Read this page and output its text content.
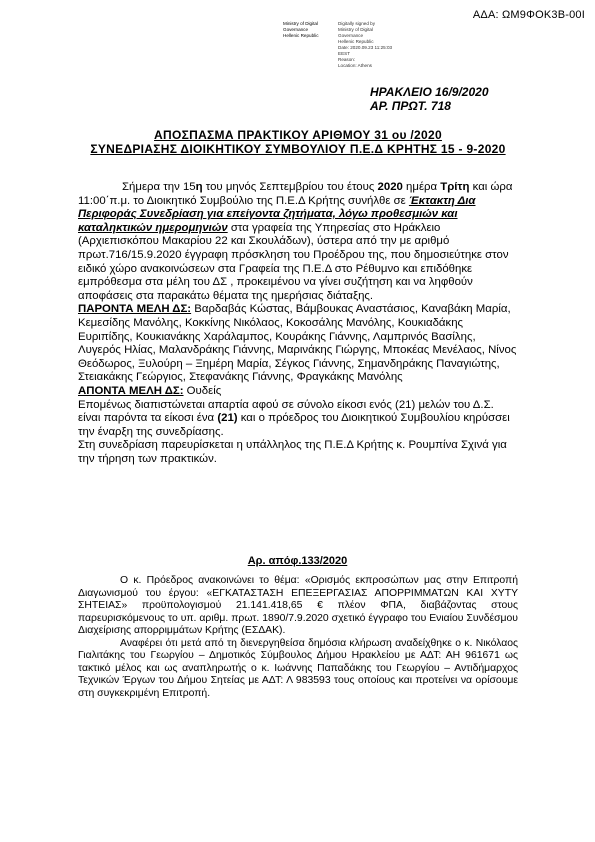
ΑΔΑ: ΩΜ9ΦΟΚ3Β-00Ι
Ministry of Digital
Governance
Hellenic Republic
Digitally signed by
Ministry of Digital
Governance
Hellenic Republic
Date: 2020.09.23 11:25:03
EEST
Reason:
Location: Athens
ΗΡΑΚΛΕΙΟ 16/9/2020
ΑΡ. ΠΡΩΤ. 718
ΑΠΟΣΠΑΣΜΑ ΠΡΑΚΤΙΚΟΥ ΑΡΙΘΜΟΥ 31 ου /2020
ΣΥΝΕΔΡΙΑΣΗΣ ΔΙΟΙΚΗΤΙΚΟΥ ΣΥΜΒΟΥΛΙΟΥ Π.Ε.Δ ΚΡΗΤΗΣ 15 - 9-2020

Σήμερα την 15η του μηνός Σεπτεμβρίου του έτους 2020 ημέρα Τρίτη και ώρα 11:00΄π.μ. το Διοικητικό Συμβούλιο της Π.Ε.Δ Κρήτης συνήλθε σε Έκτακτη Δια Περιφοράς Συνεδρίαση για επείγοντα ζητήματα, λόγω προθεσμιών και καταληκτικών ημερομηνιών στα γραφεία της Υπηρεσίας στο Ηράκλειο (Αρχιεπισκόπου Μακαρίου 22 και Σκουλάδων), ύστερα από την με αριθμό πρωτ.716/15.9.2020 έγγραφη πρόσκληση του Προέδρου της, που δημοσιεύτηκε στον ειδικό χώρο ανακοινώσεων στα Γραφεία της Π.Ε.Δ στο Ρέθυμνο και επιδόθηκε εμπρόθεσμα στα μέλη του ΔΣ , προκειμένου να γίνει συζήτηση και να ληφθούν αποφάσεις στα παρακάτω θέματα της ημερήσιας διάταξης.

ΠΑΡΟΝΤΑ ΜΕΛΗ ΔΣ: Βαρδαβάς Κώστας, Βάμβουκας Αναστάσιος, Καναβάκη Μαρία, Κεμεσίδης Μανόλης, Κοκκίνης Νικόλαος, Κοκοσάλης Μανόλης, Κουκιαδάκης Ευριπίδης, Κουκιανάκης Χαράλαμπος, Κουράκης Γιάννης, Λαμπρινός Βασίλης, Λυγερός Ηλίας, Μαλανδράκης Γιάννης, Μαρινάκης Γιώργης, Μποκέας Μενέλαος, Νίνος Θεόδωρος, Ξυλούρη – Ξημέρη Μαρία, Σέγκος Γιάννης, Σημανδηράκης Παναγιώτης, Στειακάκης Γεώργιος, Στεφανάκης Γιάννης, Φραγκάκης Μανόλης

ΑΠΟΝΤΑ ΜΕΛΗ ΔΣ: Ουδείς

Επομένως διαπιστώνεται απαρτία αφού σε σύνολο είκοσι ενός (21) μελών του Δ.Σ. είναι παρόντα τα είκοσι ένα (21) και ο πρόεδρος του Διοικητικού Συμβουλίου κηρύσσει την έναρξη της συνεδρίασης.

Στη συνεδρίαση παρευρίσκεται η υπάλληλος της Π.Ε.Δ Κρήτης κ. Ρουμπίνα Σχινά για την τήρηση των πρακτικών.

Αρ. απόφ.133/2020

Ο κ. Πρόεδρος ανακοινώνει το θέμα: «Ορισμός εκπροσώπων μας στην Επιτροπή Διαγωνισμού του έργου: «ΕΓΚΑΤΑΣΤΑΣΗ ΕΠΕΞΕΡΓΑΣΙΑΣ ΑΠΟΡΡΙΜΜΑΤΩΝ ΚΑΙ ΧΥΤΥ ΣΗΤΕΙΑΣ» προϋπολογισμού 21.141.418,65 € πλέον ΦΠΑ, διαβάζοντας στους παρευρισκόμενους το υπ. αριθμ. πρωτ. 1890/7.9.2020 σχετικό έγγραφο του Ενιαίου Συνδέσμου Διαχείρισης απορριμμάτων Κρήτης (ΕΣΔΑΚ).

Αναφέρει ότι μετά από τη διενεργηθείσα δημόσια κλήρωση αναδείχθηκε ο κ. Νικόλαος Γιαλιτάκης του Γεωργίου – Δημοτικός Σύμβουλος Δήμου Ηρακλείου με ΑΔΤ: ΑΗ 961671 ως τακτικό μέλος και ως αναπληρωτής ο κ. Ιωάννης Παπαδάκης του Γεωργίου – Αντιδήμαρχος Τεχνικών Έργων του Δήμου Σητείας με ΑΔΤ: Λ 983593 τους οποίους και προτείνει να ορίσουμε στη συγκεκριμένη Επιτροπή.
